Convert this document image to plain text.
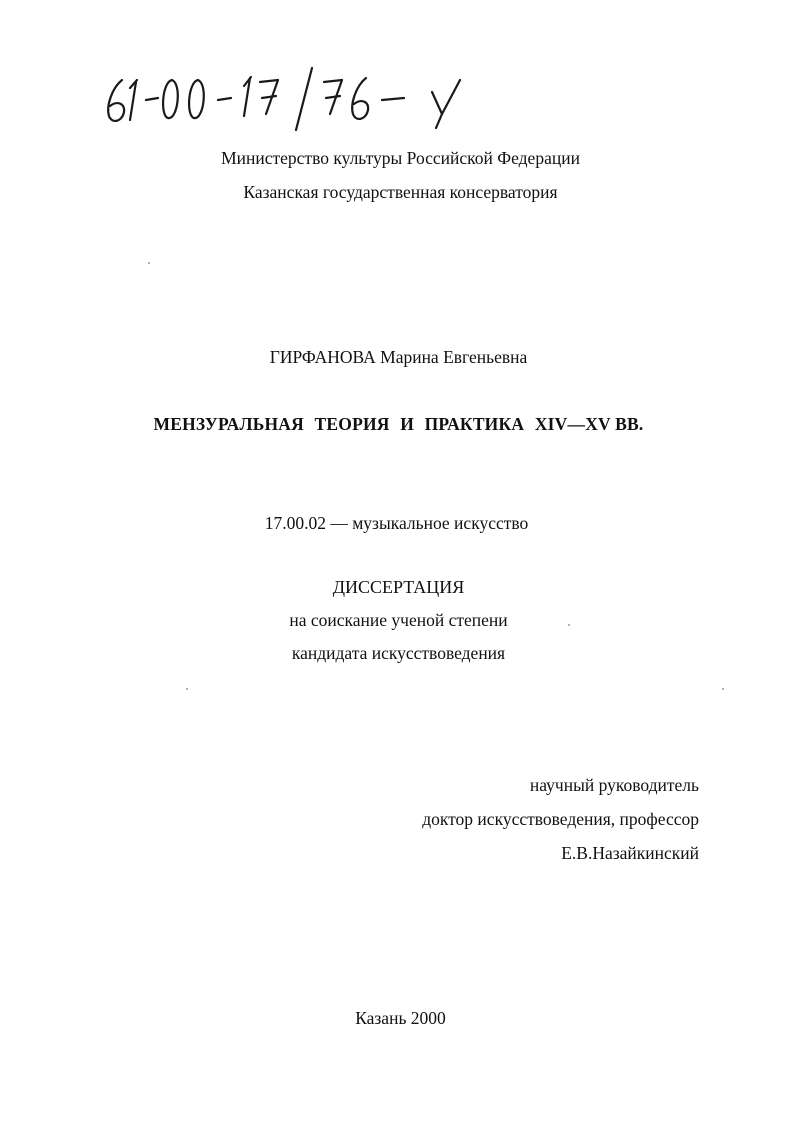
Министерство культуры Российской Федерации
Казанская государственная консерватория
ГИРФАНОВА Марина Евгеньевна
МЕНЗУРАЛЬНАЯ ТЕОРИЯ И ПРАКТИКА XIV—XV ВВ.
17.00.02 — музыкальное искусство
ДИССЕРТАЦИЯ
на соискание ученой степени
кандидата искусствоведения
научный руководитель
доктор искусствоведения, профессор
Е.В.Назайкинский
Казань 2000
